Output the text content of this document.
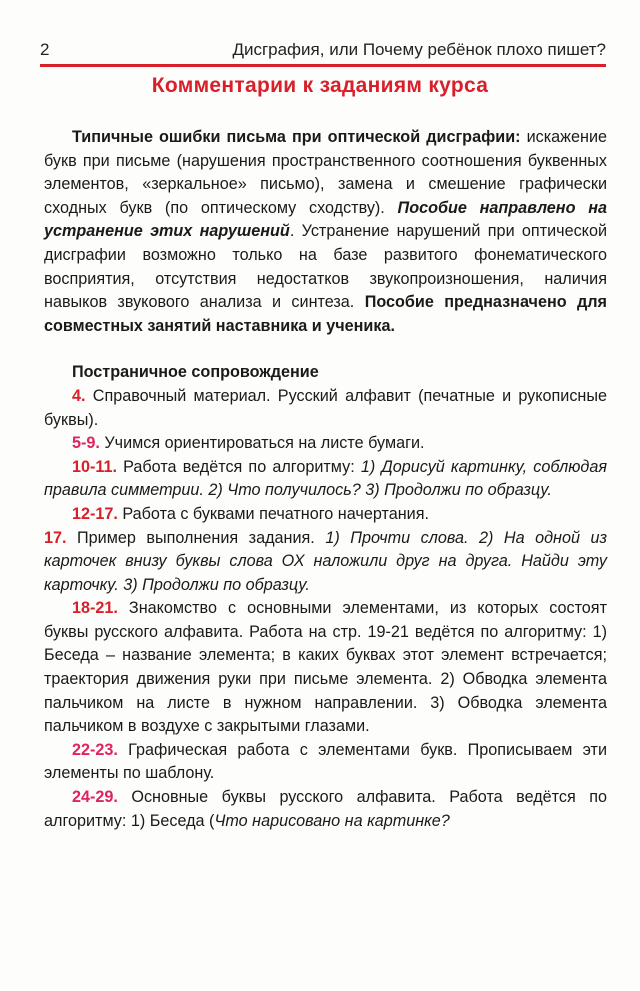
2	Дисграфия, или Почему ребёнок плохо пишет?
Комментарии к заданиям курса

Типичные ошибки письма при оптической дисграфии: искажение букв при письме (нарушения пространственного соотношения буквенных элементов, «зеркальное» письмо), замена и смешение графически сходных букв (по оптическому сходству). Пособие направлено на устранение этих нарушений. Устранение нарушений при оптической дисграфии возможно только на базе развитого фонематического восприятия, отсутствия недостатков звукопроизношения, наличия навыков звукового анализа и синтеза. Пособие предназначено для совместных занятий наставника и ученика.

Постраничное сопровождение

4. Справочный материал. Русский алфавит (печатные и рукописные буквы).

5-9. Учимся ориентироваться на листе бумаги.

10-11. Работа ведётся по алгоритму: 1) Дорисуй картинку, соблюдая правила симметрии. 2) Что получилось? 3) Продолжи по образцу.

12-17. Работа с буквами печатного начертания.

17. Пример выполнения задания. 1) Прочти слова. 2) На одной из карточек внизу буквы слова ОХ наложили друг на друга. Найди эту карточку. 3) Продолжи по образцу.

18-21. Знакомство с основными элементами, из которых состоят буквы русского алфавита. Работа на стр. 19-21 ведётся по алгоритму: 1) Беседа – название элемента; в каких буквах этот элемент встречается; траектория движения руки при письме элемента. 2) Обводка элемента пальчиком на листе в нужном направлении. 3) Обводка элемента пальчиком в воздухе с закрытыми глазами.

22-23. Графическая работа с элементами букв. Прописываем эти элементы по шаблону.

24-29. Основные буквы русского алфавита. Работа ведётся по алгоритму: 1) Беседа (Что нарисовано на картинке?
